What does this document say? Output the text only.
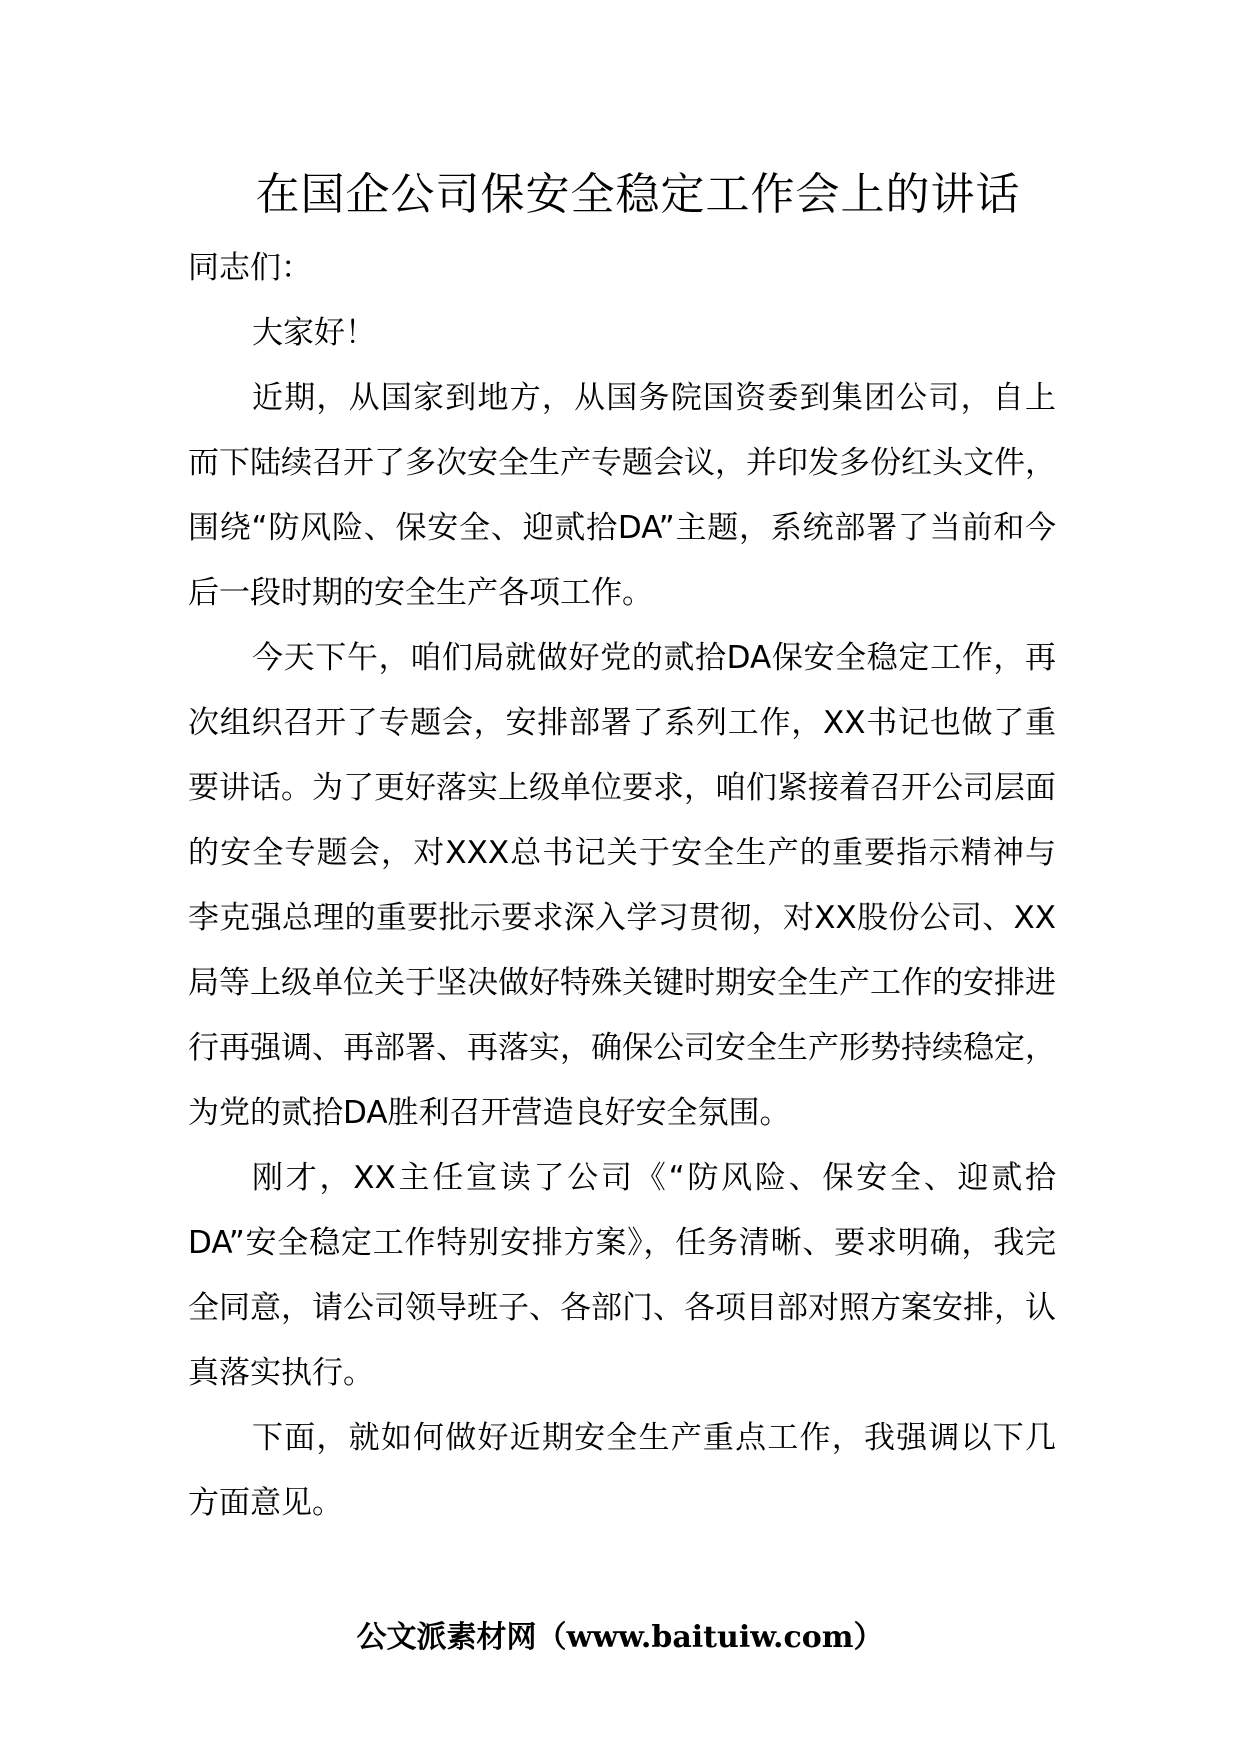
在国企公司保安全稳定工作会上的讲话

同志们：

大家好！

近期，从国家到地方，从国务院国资委到集团公司，自上而下陆续召开了多次安全生产专题会议，并印发多份红头文件，围绕“防风险、保安全、迎贰拾DA”主题，系统部署了当前和今后一段时期的安全生产各项工作。

今天下午，咱们局就做好党的贰拾DA保安全稳定工作，再次组织召开了专题会，安排部署了系列工作，XX书记也做了重要讲话。为了更好落实上级单位要求，咱们紧接着召开公司层面的安全专题会，对XXX总书记关于安全生产的重要指示精神与李克强总理的重要批示要求深入学习贯彻，对XX股份公司、XX局等上级单位关于坚决做好特殊关键时期安全生产工作的安排进行再强调、再部署、再落实，确保公司安全生产形势持续稳定，为党的贰拾DA胜利召开营造良好安全氛围。

刚才，XX主任宣读了公司《“防风险、保安全、迎贰拾DA”安全稳定工作特别安排方案》，任务清晰、要求明确，我完全同意，请公司领导班子、各部门、各项目部对照方案安排，认真落实执行。

下面，就如何做好近期安全生产重点工作，我强调以下几方面意见。

公文派素材网（www.baituiw.com）
